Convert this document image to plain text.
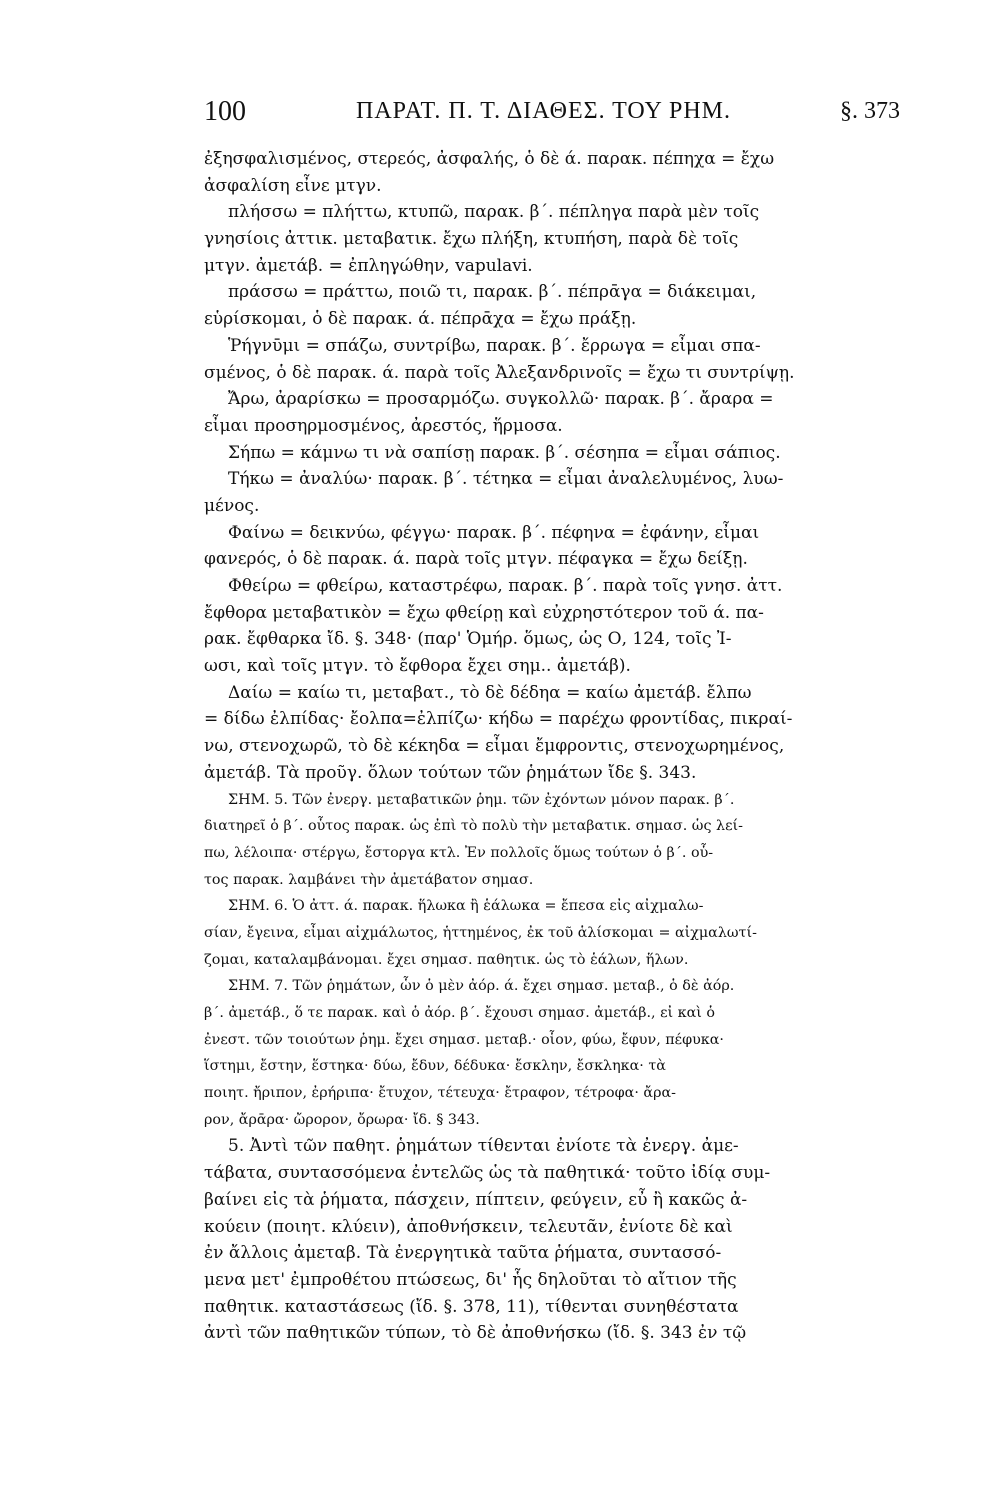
100	ΠΑΡΑΤ. Π. Τ. ΔΙΑΘΕΣ. ΤΟΥ ΡΗΜ.	§. 373
ἐξησφαλισμένος, στερεός, ἀσφαλής, ὁ δὲ ά. παρακ. πέπηχα = ἔχω
ἀσφαλίση εἶνε μτγν.
πλήσσω = πλήττω, κτυπῶ, παρακ. β΄. πέπληγα παρὰ μὲν τοῖς
γνησίοις ἀττικ. μεταβατικ. ἔχω πλήξη, κτυπήση, παρὰ δὲ τοῖς
μτγν. ἀμετάβ. = ἐπληγώθην, vapulavi.
πράσσω = πράττω, ποιῶ τι, παρακ. β΄. πέπρᾱγα = διάκειμαι,
εὑρίσκομαι, ὁ δὲ παρακ. ά. πέπρᾱχα = ἔχω πράξῃ.
Ῥήγνῡμι = σπάζω, συντρίβω, παρακ. β΄. ἔρρωγα = εἶμαι σπα-
σμένος, ὁ δὲ παρακ. ά. παρὰ τοῖς Ἀλεξανδρινοῖς = ἔχω τι συντρίψῃ.
Ἄρω, ἀραρίσκω = προσαρμόζω. συγκολλῶ· παρακ. β΄. ἄραρα =
εἶμαι προσηρμοσμένος, ἀρεστός, ἥρμοσα.
Σήπω = κάμνω τι νὰ σαπίσῃ παρακ. β΄. σέσηπα = εἶμαι σάπιος.
Τήκω = ἀναλύω· παρακ. β΄. τέτηκα = εἶμαι ἀναλελυμένος, λυω-
μένος.
Φαίνω = δεικνύω, φέγγω· παρακ. β΄. πέφηνα = ἐφάνην, εἶμαι
φανερός, ὁ δὲ παρακ. ά. παρὰ τοῖς μτγν. πέφαγκα = ἔχω δείξῃ.
Φθείρω = φθείρω, καταστρέφω, παρακ. β΄. παρὰ τοῖς γνησ. ἀττ.
ἔφθορα μεταβατικὸν = ἔχω φθείρῃ καὶ εὐχρηστότερον τοῦ ά. πα-
ρακ. ἔφθαρκα ἴδ. §. 348· (παρ' Ὁμήρ. ὅμως, ὡς Ο, 124, τοῖς Ἰ-
ωσι, καὶ τοῖς μτγν. τὸ ἔφθορα ἔχει σημ.. ἀμετάβ).
Δαίω = καίω τι, μεταβατ., τὸ δὲ δέδηα = καίω ἀμετάβ. ἔλπω
= δίδω ἐλπίδας· ἔολπα=ἐλπίζω· κήδω = παρέχω φροντίδας, πικραί-
νω, στενοχωρῶ, τὸ δὲ κέκηδα = εἶμαι ἔμφροντις, στενοχωρημένος,
ἀμετάβ. Τὰ προῦγ. ὅλων τούτων τῶν ῥημάτων ἴδε §. 343.
ΣΗΜ. 5. Τῶν ἐνεργ. μεταβατικῶν ῥημ. τῶν ἐχόντων μόνον παρακ. β΄.
διατηρεῖ ὁ β΄. οὗτος παρακ. ὡς ἐπὶ τὸ πολὺ τὴν μεταβατικ. σημασ. ὡς λεί-
πω, λέλοιπα· στέργω, ἔστοργα κτλ. Ἐν πολλοῖς ὅμως τούτων ὁ β΄. οὗ-
τος παρακ. λαμβάνει τὴν ἀμετάβατον σημασ.
ΣΗΜ. 6. Ὁ ἀττ. ά. παρακ. ἥλωκα ἢ ἑάλωκα = ἔπεσα εἰς αἰχμαλω-
σίαν, ἔγεινα, εἶμαι αἰχμάλωτος, ἡττημένος, ἐκ τοῦ ἁλίσκομαι = αἰχμαλωτί-
ζομαι, καταλαμβάνομαι. ἔχει σημασ. παθητικ. ὡς τὸ ἑάλων, ἥλων.
ΣΗΜ. 7. Τῶν ῥημάτων, ὧν ὁ μὲν ἀόρ. ά. ἔχει σημασ. μεταβ., ὁ δὲ ἀόρ.
β΄. ἀμετάβ., ὅ τε παρακ. καὶ ὁ ἀόρ. β΄. ἔχουσι σημασ. ἀμετάβ., εἰ καὶ ὁ
ἐνεστ. τῶν τοιούτων ῥημ. ἔχει σημασ. μεταβ.· οἷον, φύω, ἔφυν, πέφυκα·
ἵστημι, ἔστην, ἕστηκα· δύω, ἔδυν, δέδυκα· ἔσκλην, ἔσκληκα· τὰ
ποιητ. ἤριπον, ἐρήριπα· ἔτυχον, τέτευχα· ἔτραφον, τέτροφα· ἄρα-
ρον, ἄρᾱρα· ὤρορον, ὄρωρα· ἴδ. § 343.
5. Ἀντὶ τῶν παθητ. ῥημάτων τίθενται ἐνίοτε τὰ ἐνεργ. ἀμε-
τάβατα, συντασσόμενα ἐντελῶς ὡς τὰ παθητικά· τοῦτο ἰδίᾳ συμ-
βαίνει εἰς τὰ ῥήματα, πάσχειν, πίπτειν, φεύγειν, εὖ ἢ κακῶς ἀ-
κούειν (ποιητ. κλύειν), ἀποθνήσκειν, τελευτᾶν, ἐνίοτε δὲ καὶ
ἐν ἄλλοις ἀμεταβ. Τὰ ἐνεργητικὰ ταῦτα ῥήματα, συντασσό-
μενα μετ' ἐμπροθέτου πτώσεως, δι' ἧς δηλοῦται τὸ αἴτιον τῆς
παθητικ. καταστάσεως (ἴδ. §. 378, 11), τίθενται συνηθέστατα
ἀντὶ τῶν παθητικῶν τύπων, τὸ δὲ ἀποθνήσκω (ἴδ. §. 343 ἐν τῷ
